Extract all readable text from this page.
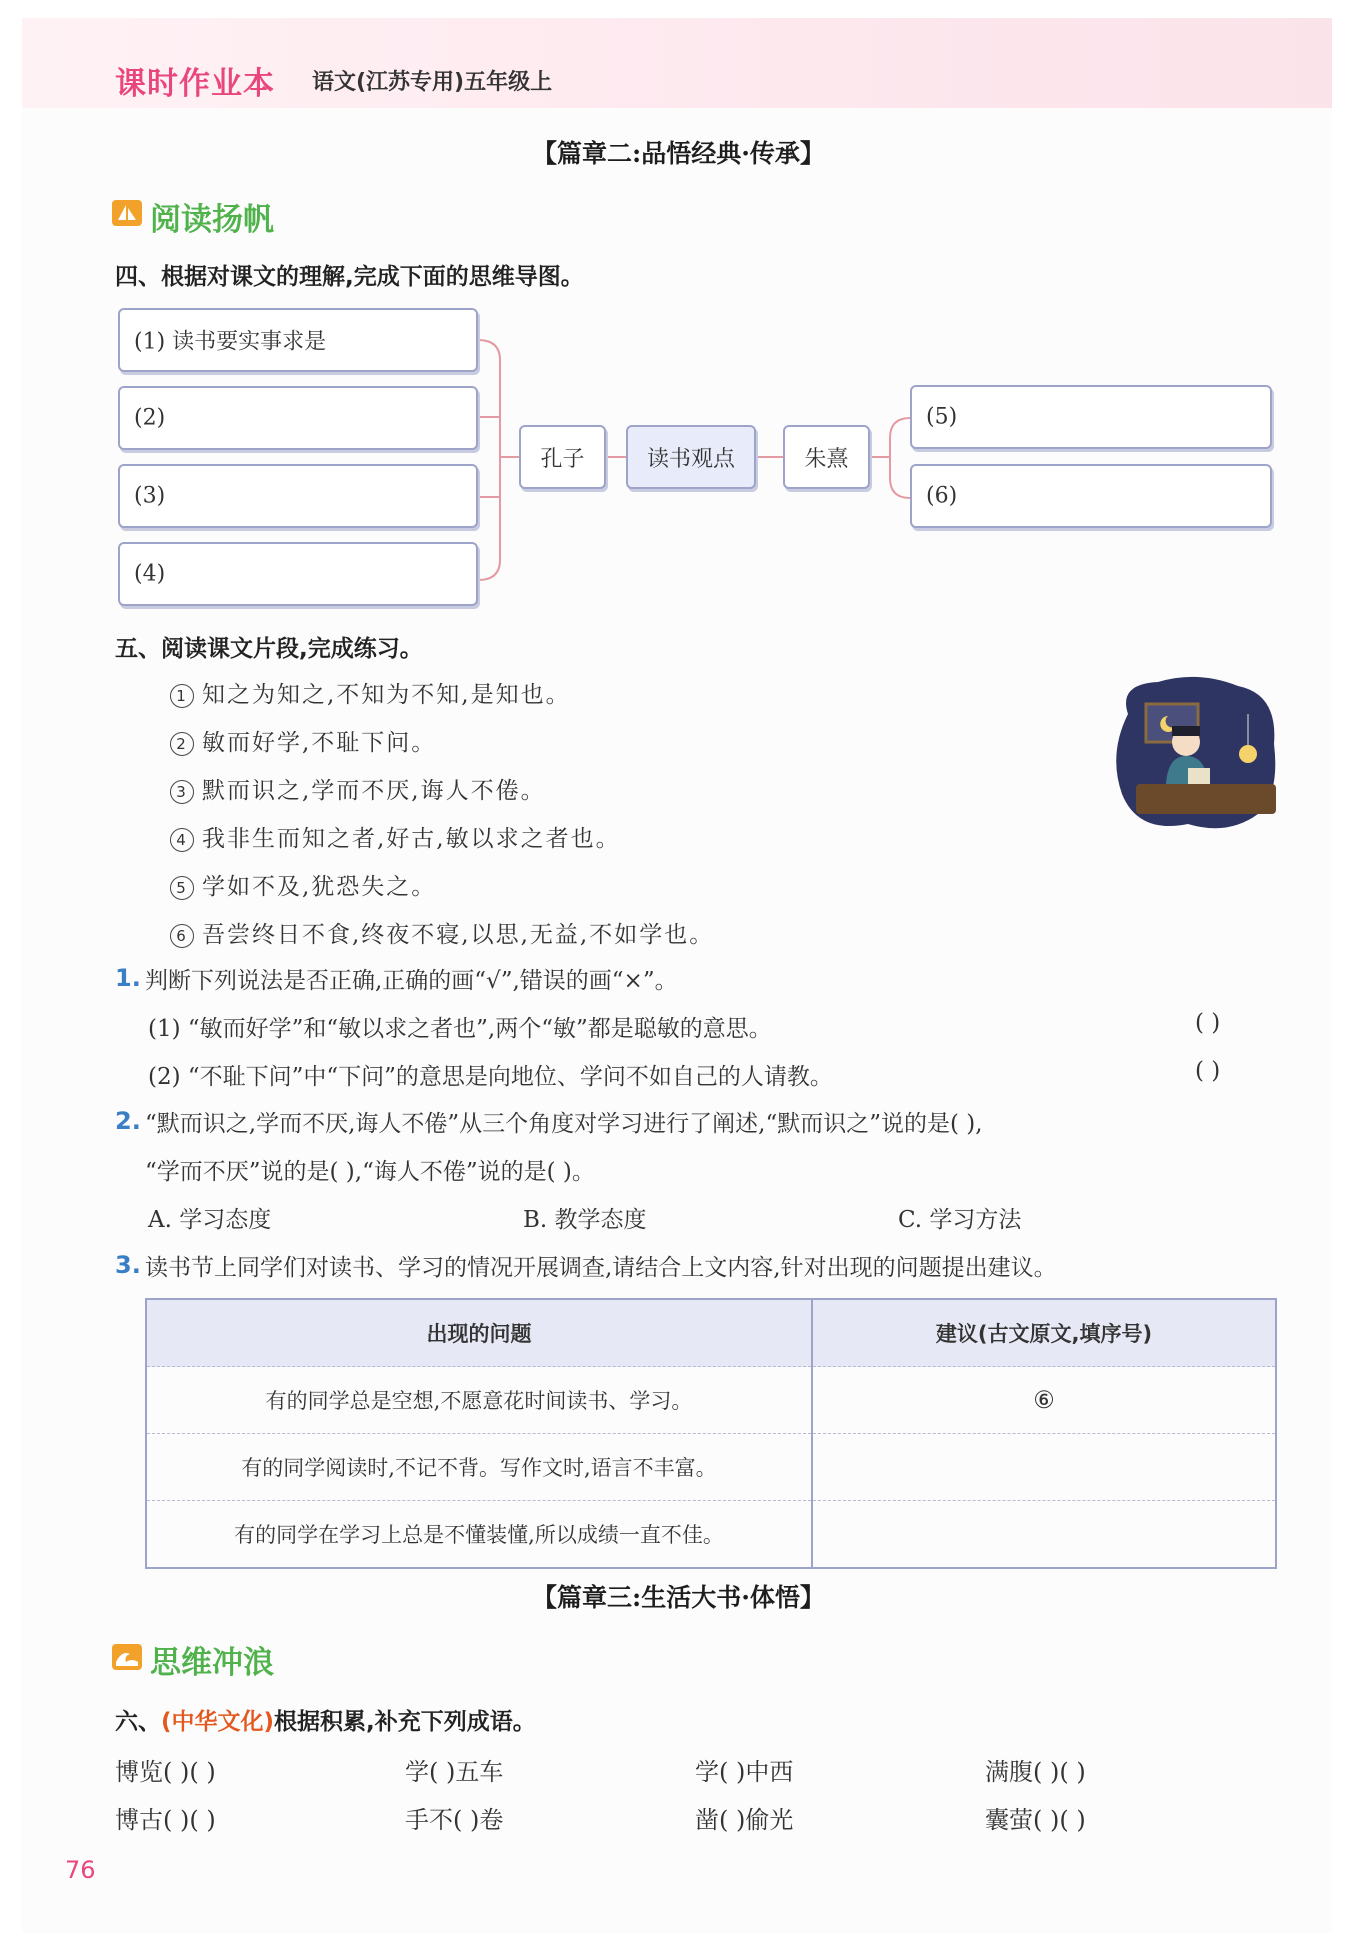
课时作业本 语文(江苏专用)五年级上
【篇章二:品悟经典·传承】
阅读扬帆
四、根据对课文的理解,完成下面的思维导图。
(1) 读书要实事求是
(2)
(3)
(4)
孔子	读书观点	朱熹
(5)
(6)
五、阅读课文片段,完成练习。
1 知之为知之,不知为不知,是知也。
2 敏而好学,不耻下问。
3 默而识之,学而不厌,诲人不倦。
4 我非生而知之者,好古,敏以求之者也。
5 学如不及,犹恐失之。
6 吾尝终日不食,终夜不寝,以思,无益,不如学也。
1. 判断下列说法是否正确,正确的画“√”,错误的画“×”。
(1) “敏而好学”和“敏以求之者也”,两个“敏”都是聪敏的意思。	( )
(2) “不耻下问”中“下问”的意思是向地位、学问不如自己的人请教。	( )
2. “默而识之,学而不厌,诲人不倦”从三个角度对学习进行了阐述,“默而识之”说的是( ),
“学而不厌”说的是( ),“诲人不倦”说的是( )。
A. 学习态度	B. 教学态度	C. 学习方法
3. 读书节上同学们对读书、学习的情况开展调查,请结合上文内容,针对出现的问题提出建议。
出现的问题	建议(古文原文,填序号)
有的同学总是空想,不愿意花时间读书、学习。	⑥
有的同学阅读时,不记不背。写作文时,语言不丰富。	
有的同学在学习上总是不懂装懂,所以成绩一直不佳。	
【篇章三:生活大书·体悟】
思维冲浪
六、(中华文化)根据积累,补充下列成语。
博览( )( )	学( )五车	学( )中西	满腹( )( )
博古( )( )	手不( )卷	凿( )偷光	囊萤( )( )
76
